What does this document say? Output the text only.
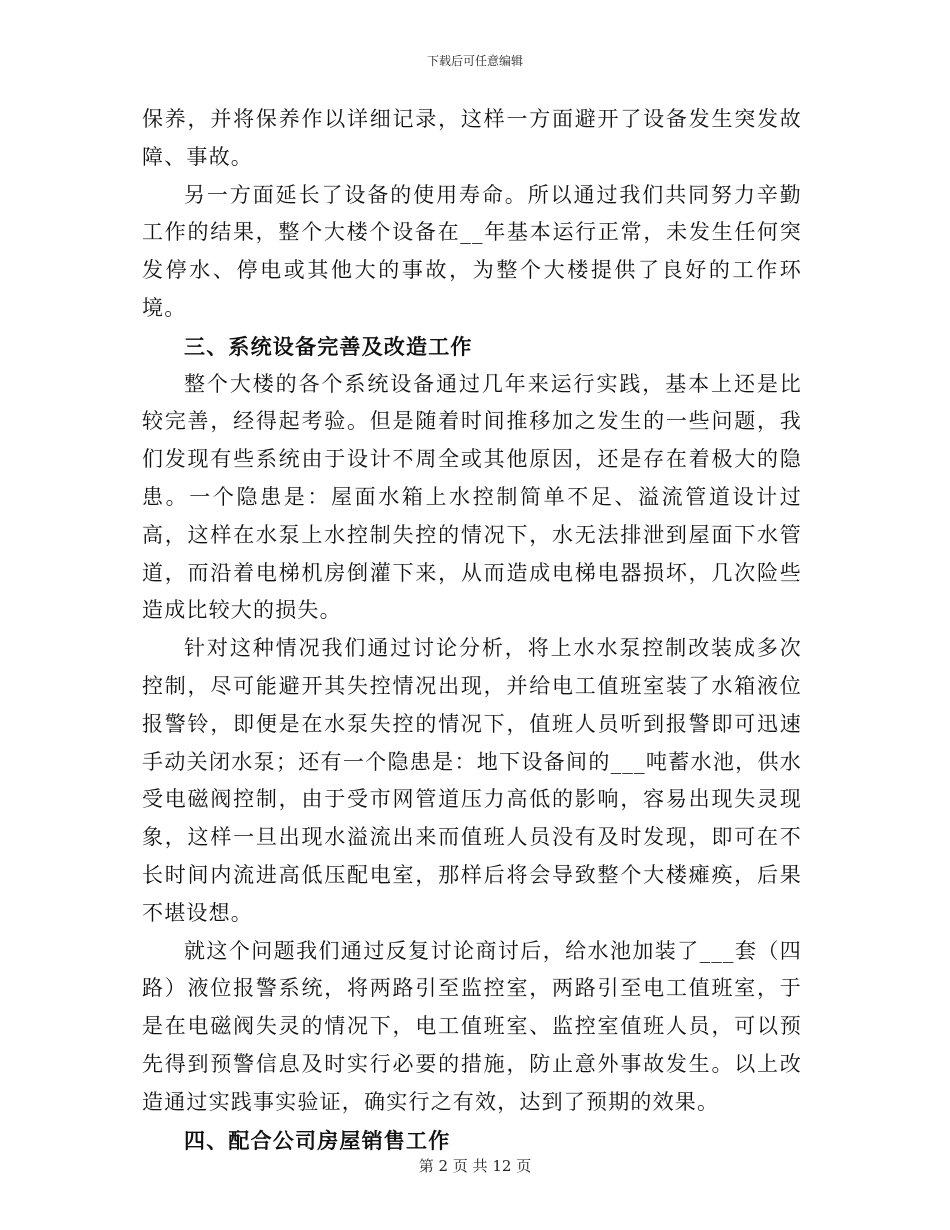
下载后可任意编辑

保养，并将保养作以详细记录，这样一方面避开了设备发生突发故障、事故。

另一方面延长了设备的使用寿命。所以通过我们共同努力辛勤工作的结果，整个大楼个设备在__年基本运行正常，未发生任何突发停水、停电或其他大的事故，为整个大楼提供了良好的工作环境。

三、系统设备完善及改造工作

整个大楼的各个系统设备通过几年来运行实践，基本上还是比较完善，经得起考验。但是随着时间推移加之发生的一些问题，我们发现有些系统由于设计不周全或其他原因，还是存在着极大的隐患。一个隐患是：屋面水箱上水控制简单不足、溢流管道设计过高，这样在水泵上水控制失控的情况下，水无法排泄到屋面下水管道，而沿着电梯机房倒灌下来，从而造成电梯电器损坏，几次险些造成比较大的损失。

针对这种情况我们通过讨论分析，将上水水泵控制改装成多次控制，尽可能避开其失控情况出现，并给电工值班室装了水箱液位报警铃，即便是在水泵失控的情况下，值班人员听到报警即可迅速手动关闭水泵；还有一个隐患是：地下设备间的___吨蓄水池，供水受电磁阀控制，由于受市网管道压力高低的影响，容易出现失灵现象，这样一旦出现水溢流出来而值班人员没有及时发现，即可在不长时间内流进高低压配电室，那样后将会导致整个大楼瘫痪，后果不堪设想。

就这个问题我们通过反复讨论商讨后，给水池加装了___套（四路）液位报警系统，将两路引至监控室，两路引至电工值班室，于是在电磁阀失灵的情况下，电工值班室、监控室值班人员，可以预先得到预警信息及时实行必要的措施，防止意外事故发生。以上改造通过实践事实验证，确实行之有效，达到了预期的效果。

四、配合公司房屋销售工作
第 2 页 共 12 页
